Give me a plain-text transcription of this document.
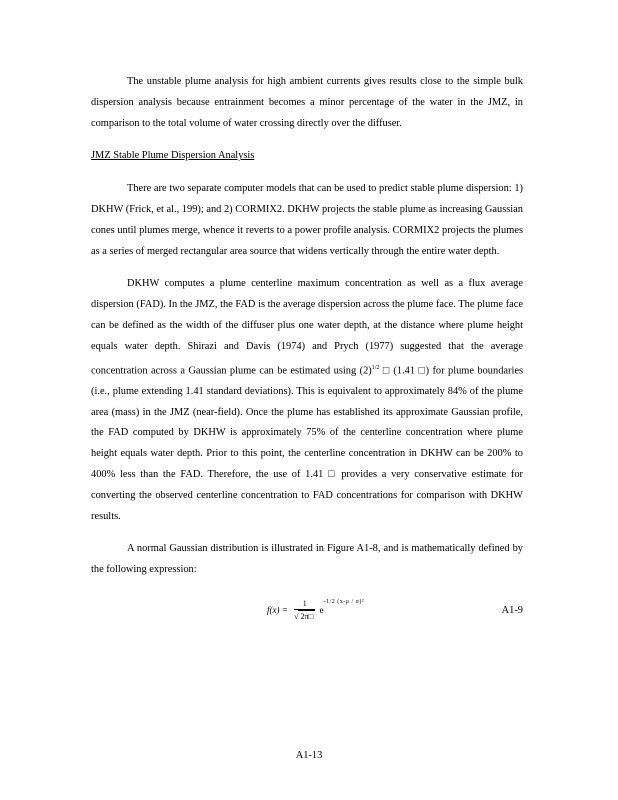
The unstable plume analysis for high ambient currents gives results close to the simple bulk dispersion analysis because entrainment becomes a minor percentage of the water in the JMZ, in comparison to the total volume of water crossing directly over the diffuser.

JMZ Stable Plume Dispersion Analysis

There are two separate computer models that can be used to predict stable plume dispersion: 1) DKHW (Frick, et al., 199); and 2) CORMIX2. DKHW projects the stable plume as increasing Gaussian cones until plumes merge, whence it reverts to a power profile analysis. CORMIX2 projects the plumes as a series of merged rectangular area source that widens vertically through the entire water depth.

DKHW computes a plume centerline maximum concentration as well as a flux average dispersion (FAD). In the JMZ, the FAD is the average dispersion across the plume face. The plume face can be defined as the width of the diffuser plus one water depth, at the distance where plume height equals water depth. Shirazi and Davis (1974) and Prych (1977) suggested that the average concentration across a Gaussian plume can be estimated using $(2)^{1/2}$ □ (1.41 □) for plume boundaries (i.e., plume extending 1.41 standard deviations). This is equivalent to approximately 84% of the plume area (mass) in the JMZ (near-field). Once the plume has established its approximate Gaussian profile, the FAD computed by DKHW is approximately 75% of the centerline concentration where plume height equals water depth. Prior to this point, the centerline concentration in DKHW can be 200% to 400% less than the FAD. Therefore, the use of 1.41 □ provides a very conservative estimate for converting the observed centerline concentration to FAD concentrations for comparison with DKHW results.

A normal Gaussian distribution is illustrated in Figure A1-8, and is mathematically defined by the following expression:

$f(x) = \frac{1}{√ 2\pi□} e^{-1/2 (x-\mu / \sigma)^2}$
A1-9
A1-13
